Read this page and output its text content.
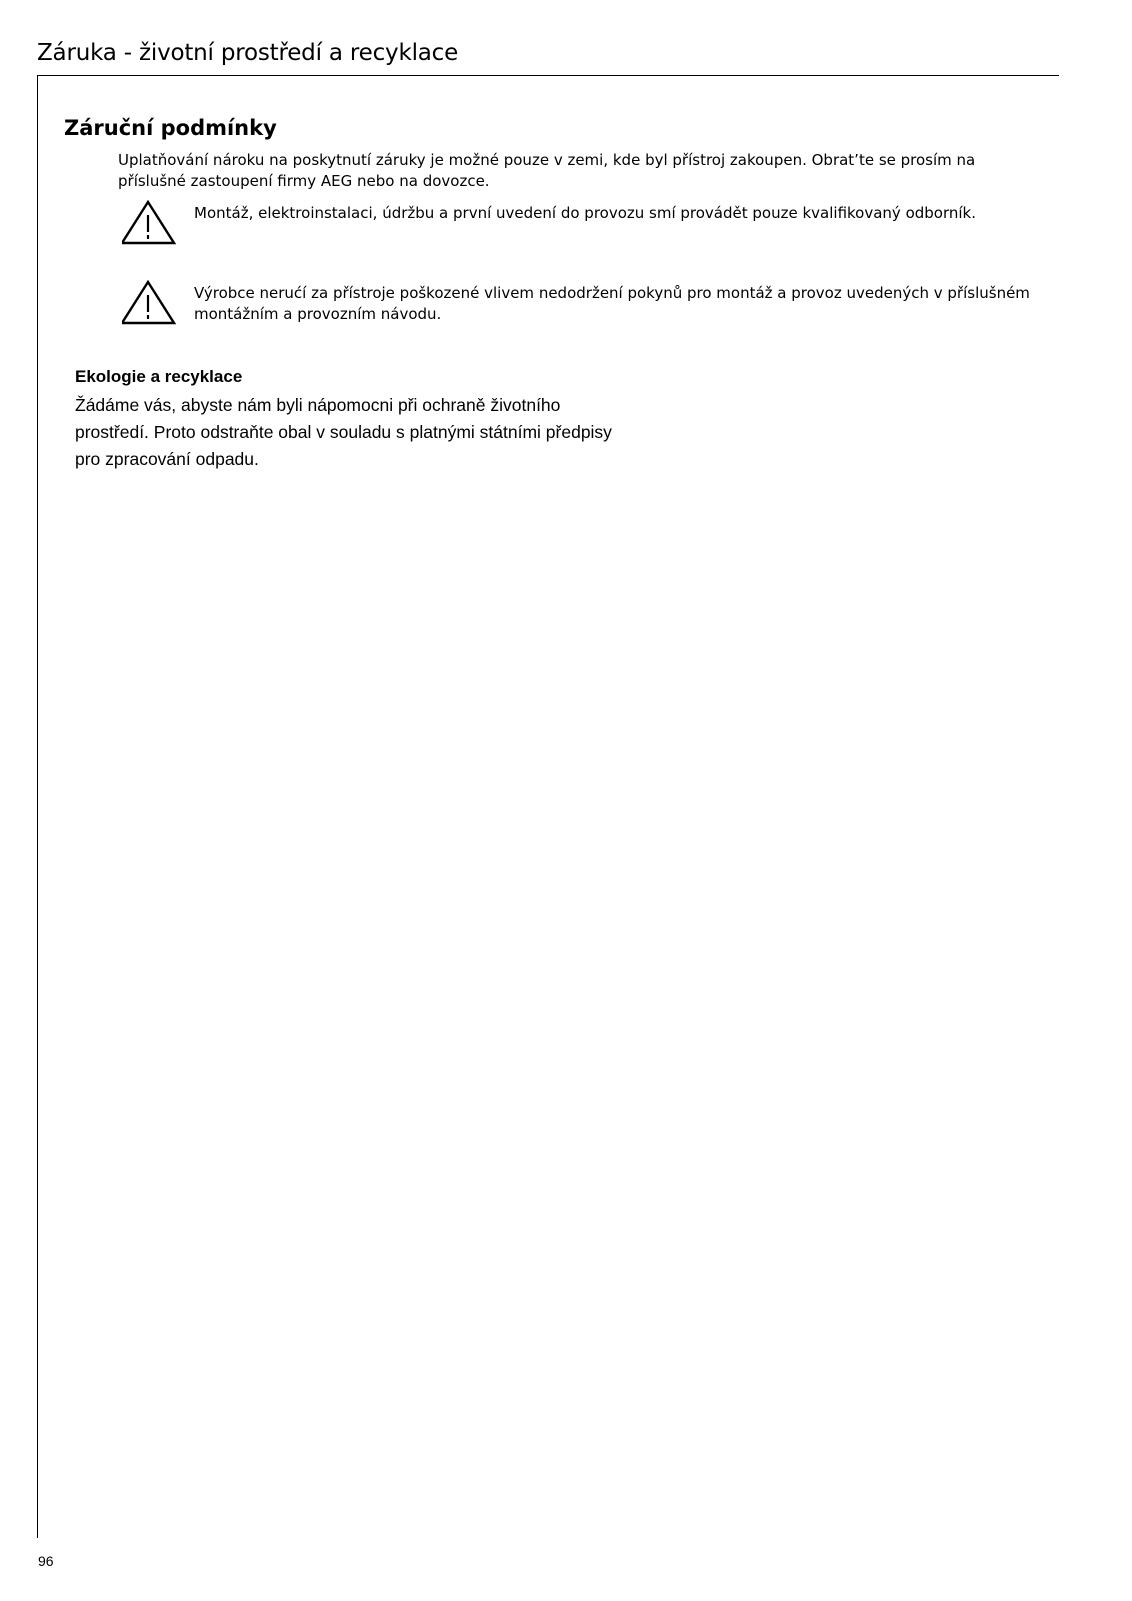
Záruka - životní prostředí a recyklace
Záruční podmínky

Uplatňování nároku na poskytnutí záruky je možné pouze v zemi, kde byl přístroj zakoupen. Obrat’te se prosím na příslušné zastoupení firmy AEG nebo na dovozce.

Montáž, elektroinstalaci, údržbu a první uvedení do provozu smí provádět pouze kvalifikovaný odborník.

Výrobce nerućí za přístroje poškozené vlivem nedodržení pokynů pro montáž a provoz uvedených v příslušném montážním a provozním návodu.

Ekologie a recyklace

Žádáme vás, abyste nám byli nápomocni při ochraně životního prostředí. Proto odstraňte obal v souladu s platnými státními předpisy pro zpracování odpadu.

96
